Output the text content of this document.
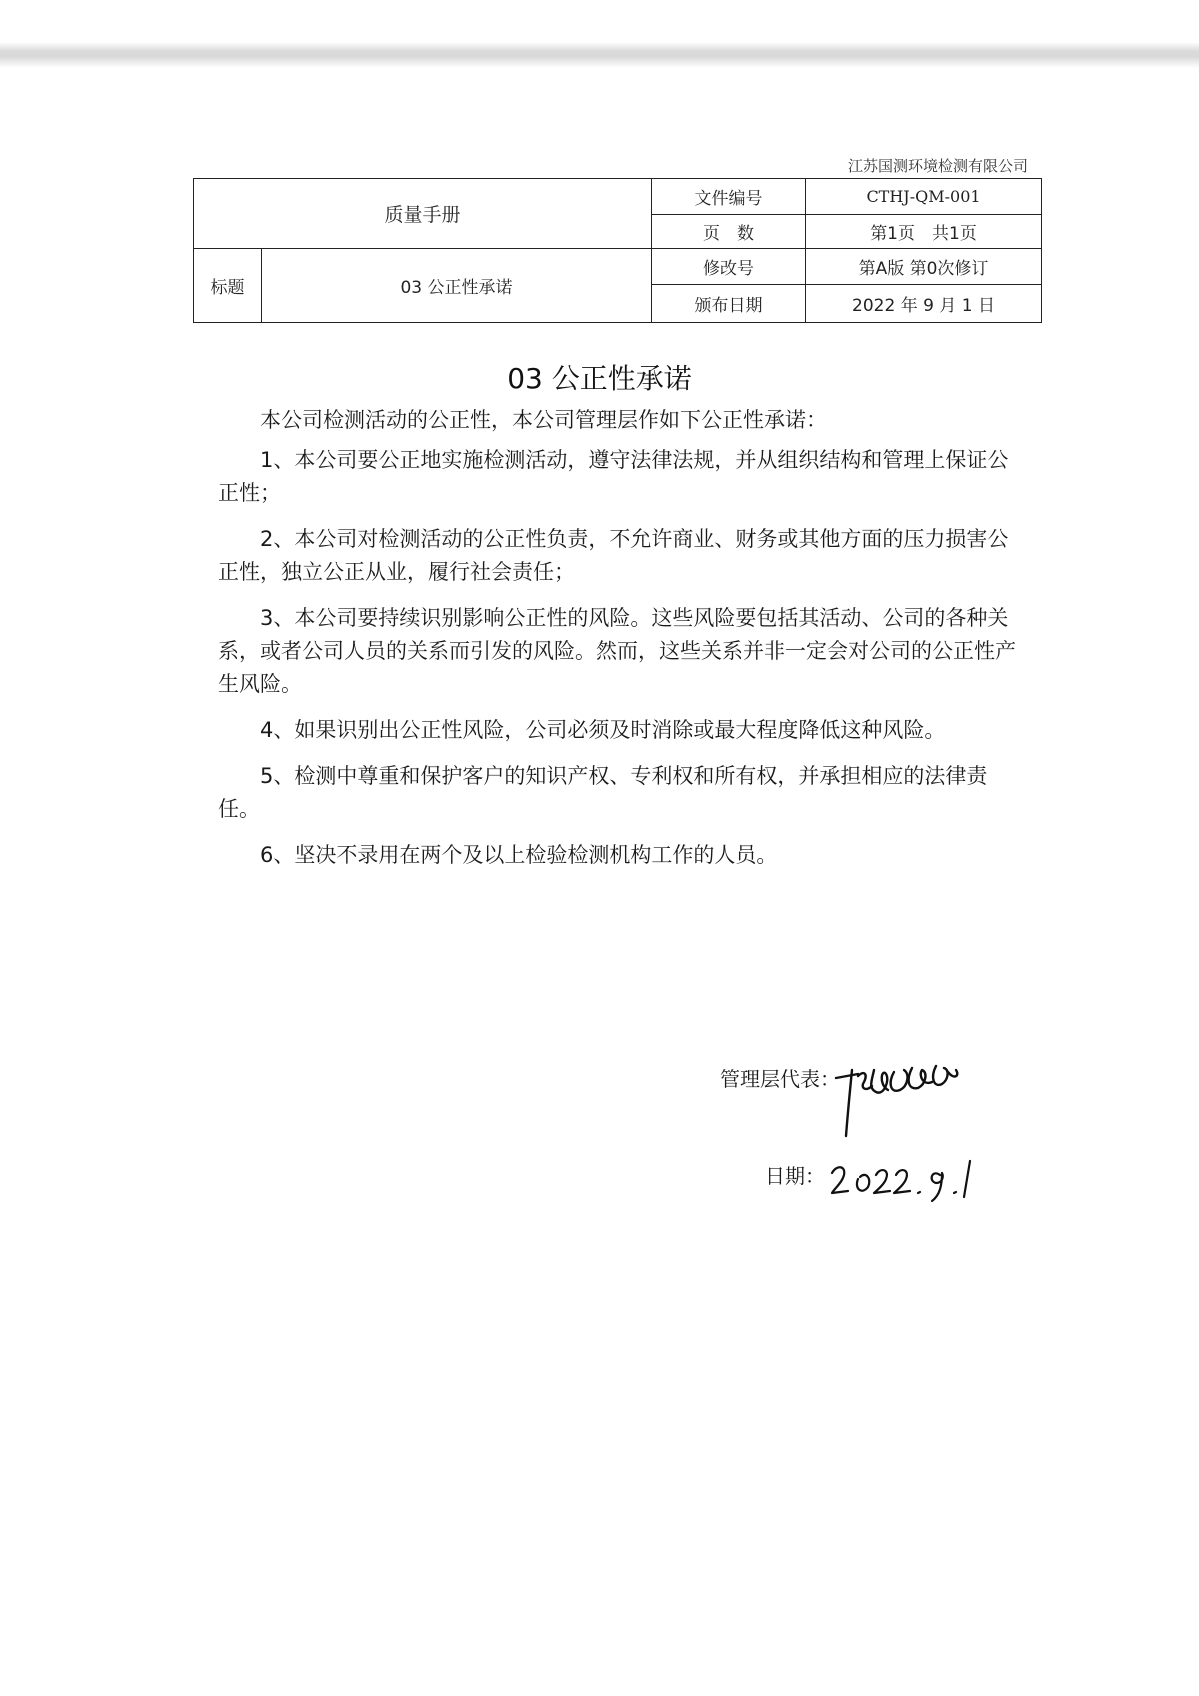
江苏国测环境检测有限公司
质量手册		文件编号	CTHJ-QM-001
		页　数	第1页　共1页
标题	03 公正性承诺	修改号	第A版 第0次修订
		颁布日期	2022 年 9 月 1 日
03 公正性承诺

本公司检测活动的公正性，本公司管理层作如下公正性承诺：

1、本公司要公正地实施检测活动，遵守法律法规，并从组织结构和管理上保证公正性；

2、本公司对检测活动的公正性负责，不允许商业、财务或其他方面的压力损害公正性，独立公正从业，履行社会责任；

3、本公司要持续识别影响公正性的风险。这些风险要包括其活动、公司的各种关系，或者公司人员的关系而引发的风险。然而，这些关系并非一定会对公司的公正性产生风险。

4、如果识别出公正性风险，公司必须及时消除或最大程度降低这种风险。

5、检测中尊重和保护客户的知识产权、专利权和所有权，并承担相应的法律责任。

6、坚决不录用在两个及以上检验检测机构工作的人员。

管理层代表：
日期：
